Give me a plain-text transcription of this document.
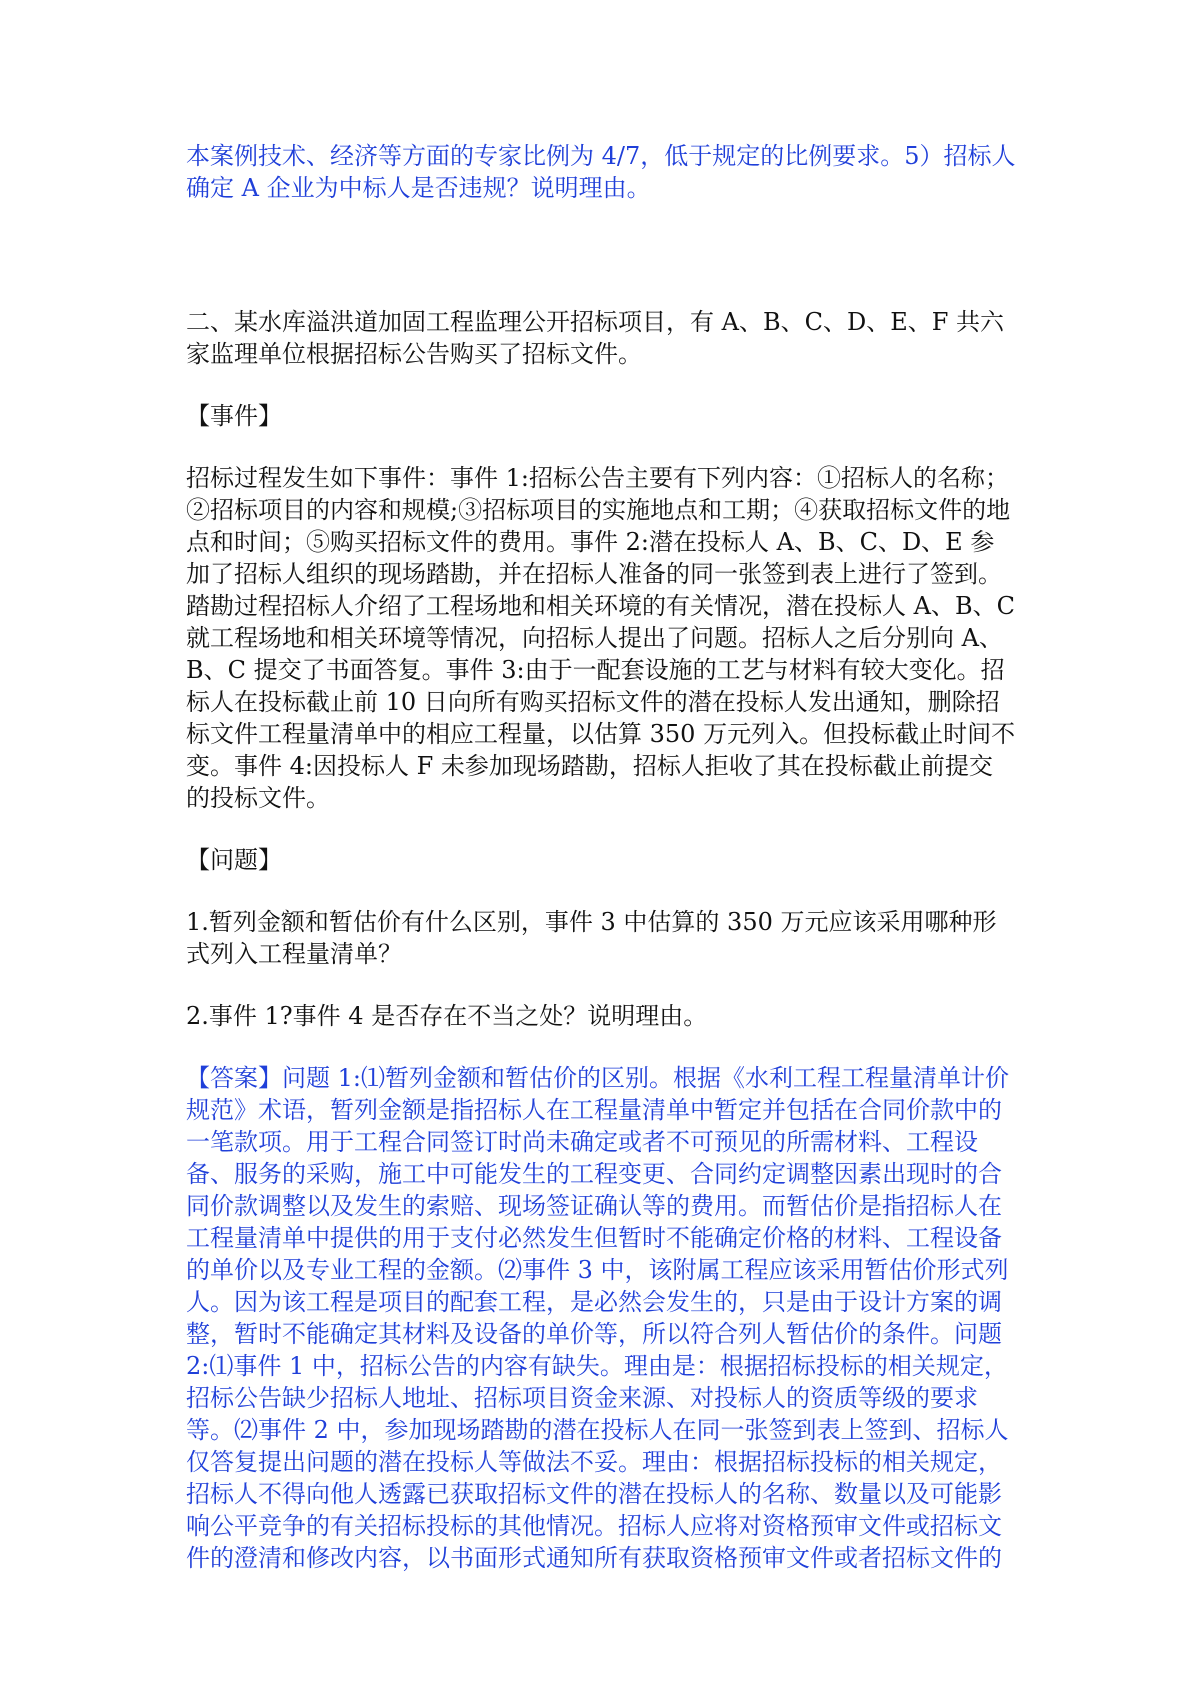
本案例技术、经济等方面的专家比例为 4/7，低于规定的比例要求。5）招标人确定 A 企业为中标人是否违规？说明理由。

二、某水库溢洪道加固工程监理公开招标项目，有 A、B、C、D、E、F 共六家监理单位根据招标公告购买了招标文件。

【事件】

招标过程发生如下事件：事件 1:招标公告主要有下列内容：①招标人的名称；②招标项目的内容和规模;③招标项目的实施地点和工期；④获取招标文件的地点和时间；⑤购买招标文件的费用。事件 2:潜在投标人 A、B、C、D、E 参加了招标人组织的现场踏勘，并在招标人准备的同一张签到表上进行了签到。踏勘过程招标人介绍了工程场地和相关环境的有关情况，潜在投标人 A、B、C 就工程场地和相关环境等情况，向招标人提出了问题。招标人之后分别向 A、B、C 提交了书面答复。事件 3:由于一配套设施的工艺与材料有较大变化。招标人在投标截止前 10 日向所有购买招标文件的潜在投标人发出通知，删除招标文件工程量清单中的相应工程量，以估算 350 万元列入。但投标截止时间不变。事件 4:因投标人 F 未参加现场踏勘，招标人拒收了其在投标截止前提交的投标文件。

【问题】

1.暂列金额和暂估价有什么区别，事件 3 中估算的 350 万元应该采用哪种形式列入工程量清单？

2.事件 1?事件 4 是否存在不当之处？说明理由。

【答案】问题 1:⑴暂列金额和暂估价的区别。根据《水利工程工程量清单计价规范》术语，暂列金额是指招标人在工程量清单中暂定并包括在合同价款中的一笔款项。用于工程合同签订时尚未确定或者不可预见的所需材料、工程设备、服务的采购，施工中可能发生的工程变更、合同约定调整因素出现时的合同价款调整以及发生的索赔、现场签证确认等的费用。而暂估价是指招标人在工程量清单中提供的用于支付必然发生但暂时不能确定价格的材料、工程设备的单价以及专业工程的金额。⑵事件 3 中，该附属工程应该采用暂估价形式列人。因为该工程是项目的配套工程，是必然会发生的，只是由于设计方案的调整，暂时不能确定其材料及设备的单价等，所以符合列人暂估价的条件。问题 2:⑴事件 1 中，招标公告的内容有缺失。理由是：根据招标投标的相关规定，招标公告缺少招标人地址、招标项目资金来源、对投标人的资质等级的要求等。⑵事件 2 中，参加现场踏勘的潜在投标人在同一张签到表上签到、招标人仅答复提出问题的潜在投标人等做法不妥。理由：根据招标投标的相关规定，招标人不得向他人透露已获取招标文件的潜在投标人的名称、数量以及可能影响公平竞争的有关招标投标的其他情况。招标人应将对资格预审文件或招标文件的澄清和修改内容，以书面形式通知所有获取资格预审文件或者招标文件的
